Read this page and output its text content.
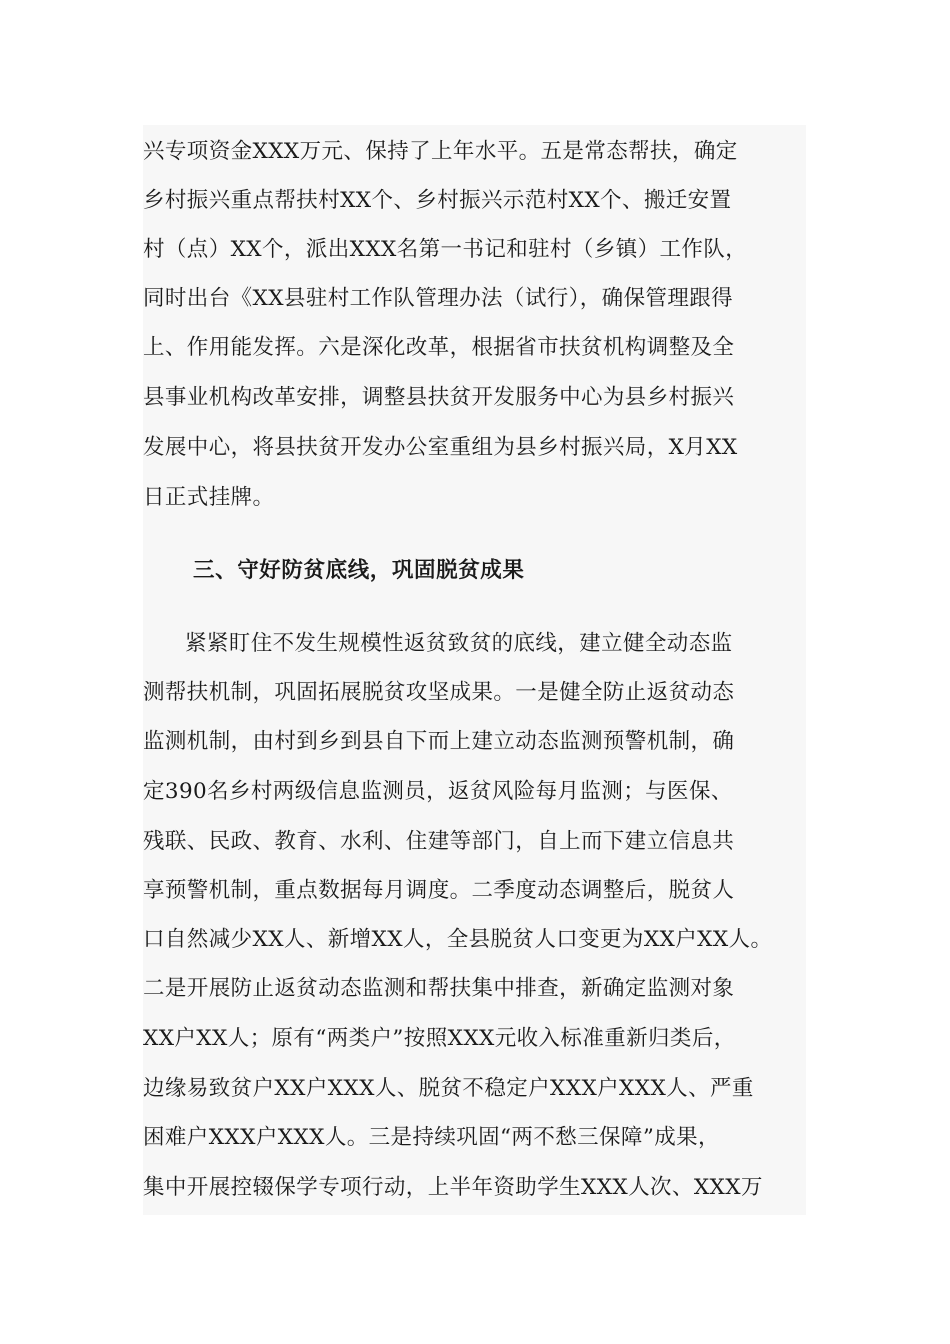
兴专项资金XXX万元、保持了上年水平。五是常态帮扶，确定
乡村振兴重点帮扶村XX个、乡村振兴示范村XX个、搬迁安置
村（点）XX个，派出XXX名第一书记和驻村（乡镇）工作队，
同时出台《XX县驻村工作队管理办法（试行），确保管理跟得
上、作用能发挥。六是深化改革，根据省市扶贫机构调整及全
县事业机构改革安排，调整县扶贫开发服务中心为县乡村振兴
发展中心，将县扶贫开发办公室重组为县乡村振兴局，X月XX
日正式挂牌。
三、守好防贫底线，巩固脱贫成果
紧紧盯住不发生规模性返贫致贫的底线，建立健全动态监
测帮扶机制，巩固拓展脱贫攻坚成果。一是健全防止返贫动态
监测机制，由村到乡到县自下而上建立动态监测预警机制，确
定390名乡村两级信息监测员，返贫风险每月监测；与医保、
残联、民政、教育、水利、住建等部门，自上而下建立信息共
享预警机制，重点数据每月调度。二季度动态调整后，脱贫人
口自然减少XX人、新增XX人，全县脱贫人口变更为XX户XX人。
二是开展防止返贫动态监测和帮扶集中排查，新确定监测对象
XX户XX人；原有“两类户”按照XXX元收入标准重新归类后，
边缘易致贫户XX户XXX人、脱贫不稳定户XXX户XXX人、严重
困难户XXX户XXX人。三是持续巩固“两不愁三保障”成果，
集中开展控辍保学专项行动，上半年资助学生XXX人次、XXX万
